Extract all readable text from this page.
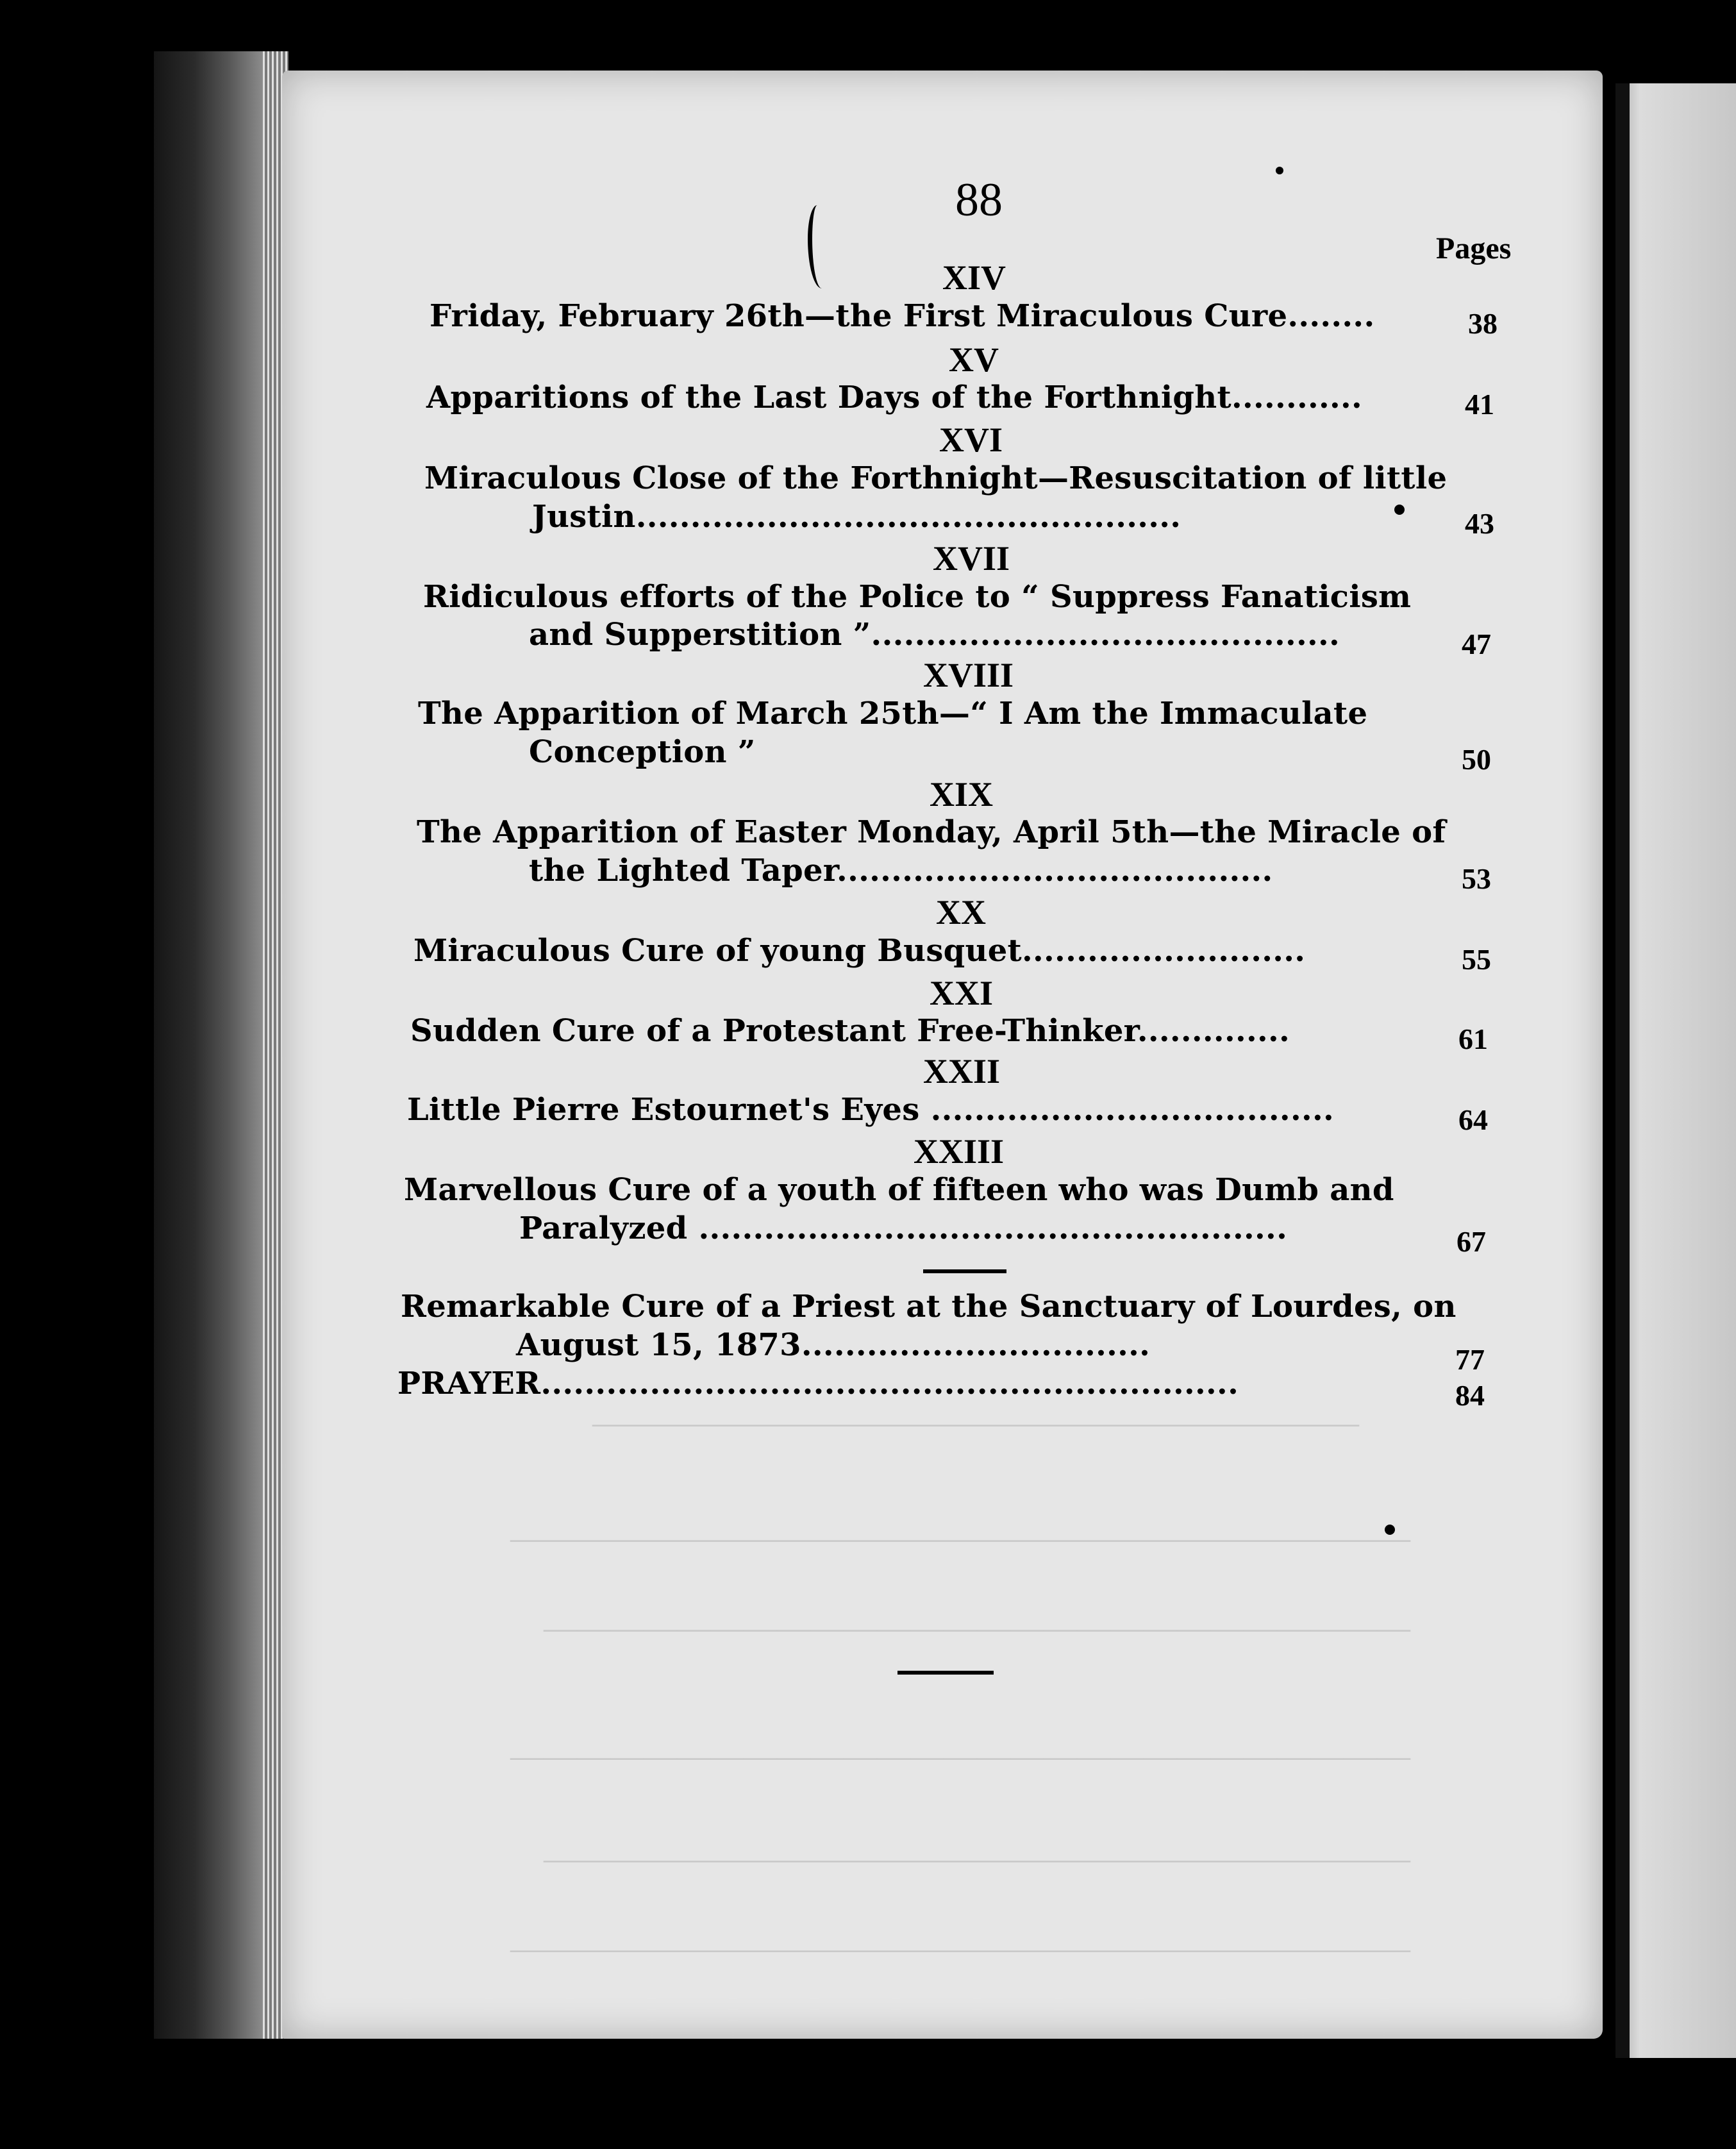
———————————————————————
———————————————————————————
——————————————————————————
———————————————————————————
——————————————————————————
———————————————————————————
88
Pages
XIV
Friday, February 26th—the First Miraculous Cure........	38
XV
Apparitions of the Last Days of the Forthnight............	41
XVI
Miraculous Close of the Forthnight—Resuscitation of little
Justin..................................................	43
XVII
Ridiculous efforts of the Police to “ Suppress Fanaticism
and Supperstition ”...........................................	47
XVIII
The Apparition of March 25th—“ I Am the Immaculate
Conception ”	50
XIX
The Apparition of Easter Monday, April 5th—the Miracle of
the Lighted Taper........................................	53
XX
Miraculous Cure of young Busquet..........................	55
XXI
Sudden Cure of a Protestant Free-Thinker..............	61
XXII
Little Pierre Estournet's Eyes .....................................	64
XXIII
Marvellous Cure of a youth of fifteen who was Dumb and
Paralyzed ......................................................	67
Remarkable Cure of a Priest at the Sanctuary of Lourdes, on
August 15, 1873................................	77
PRAYER................................................................	84
